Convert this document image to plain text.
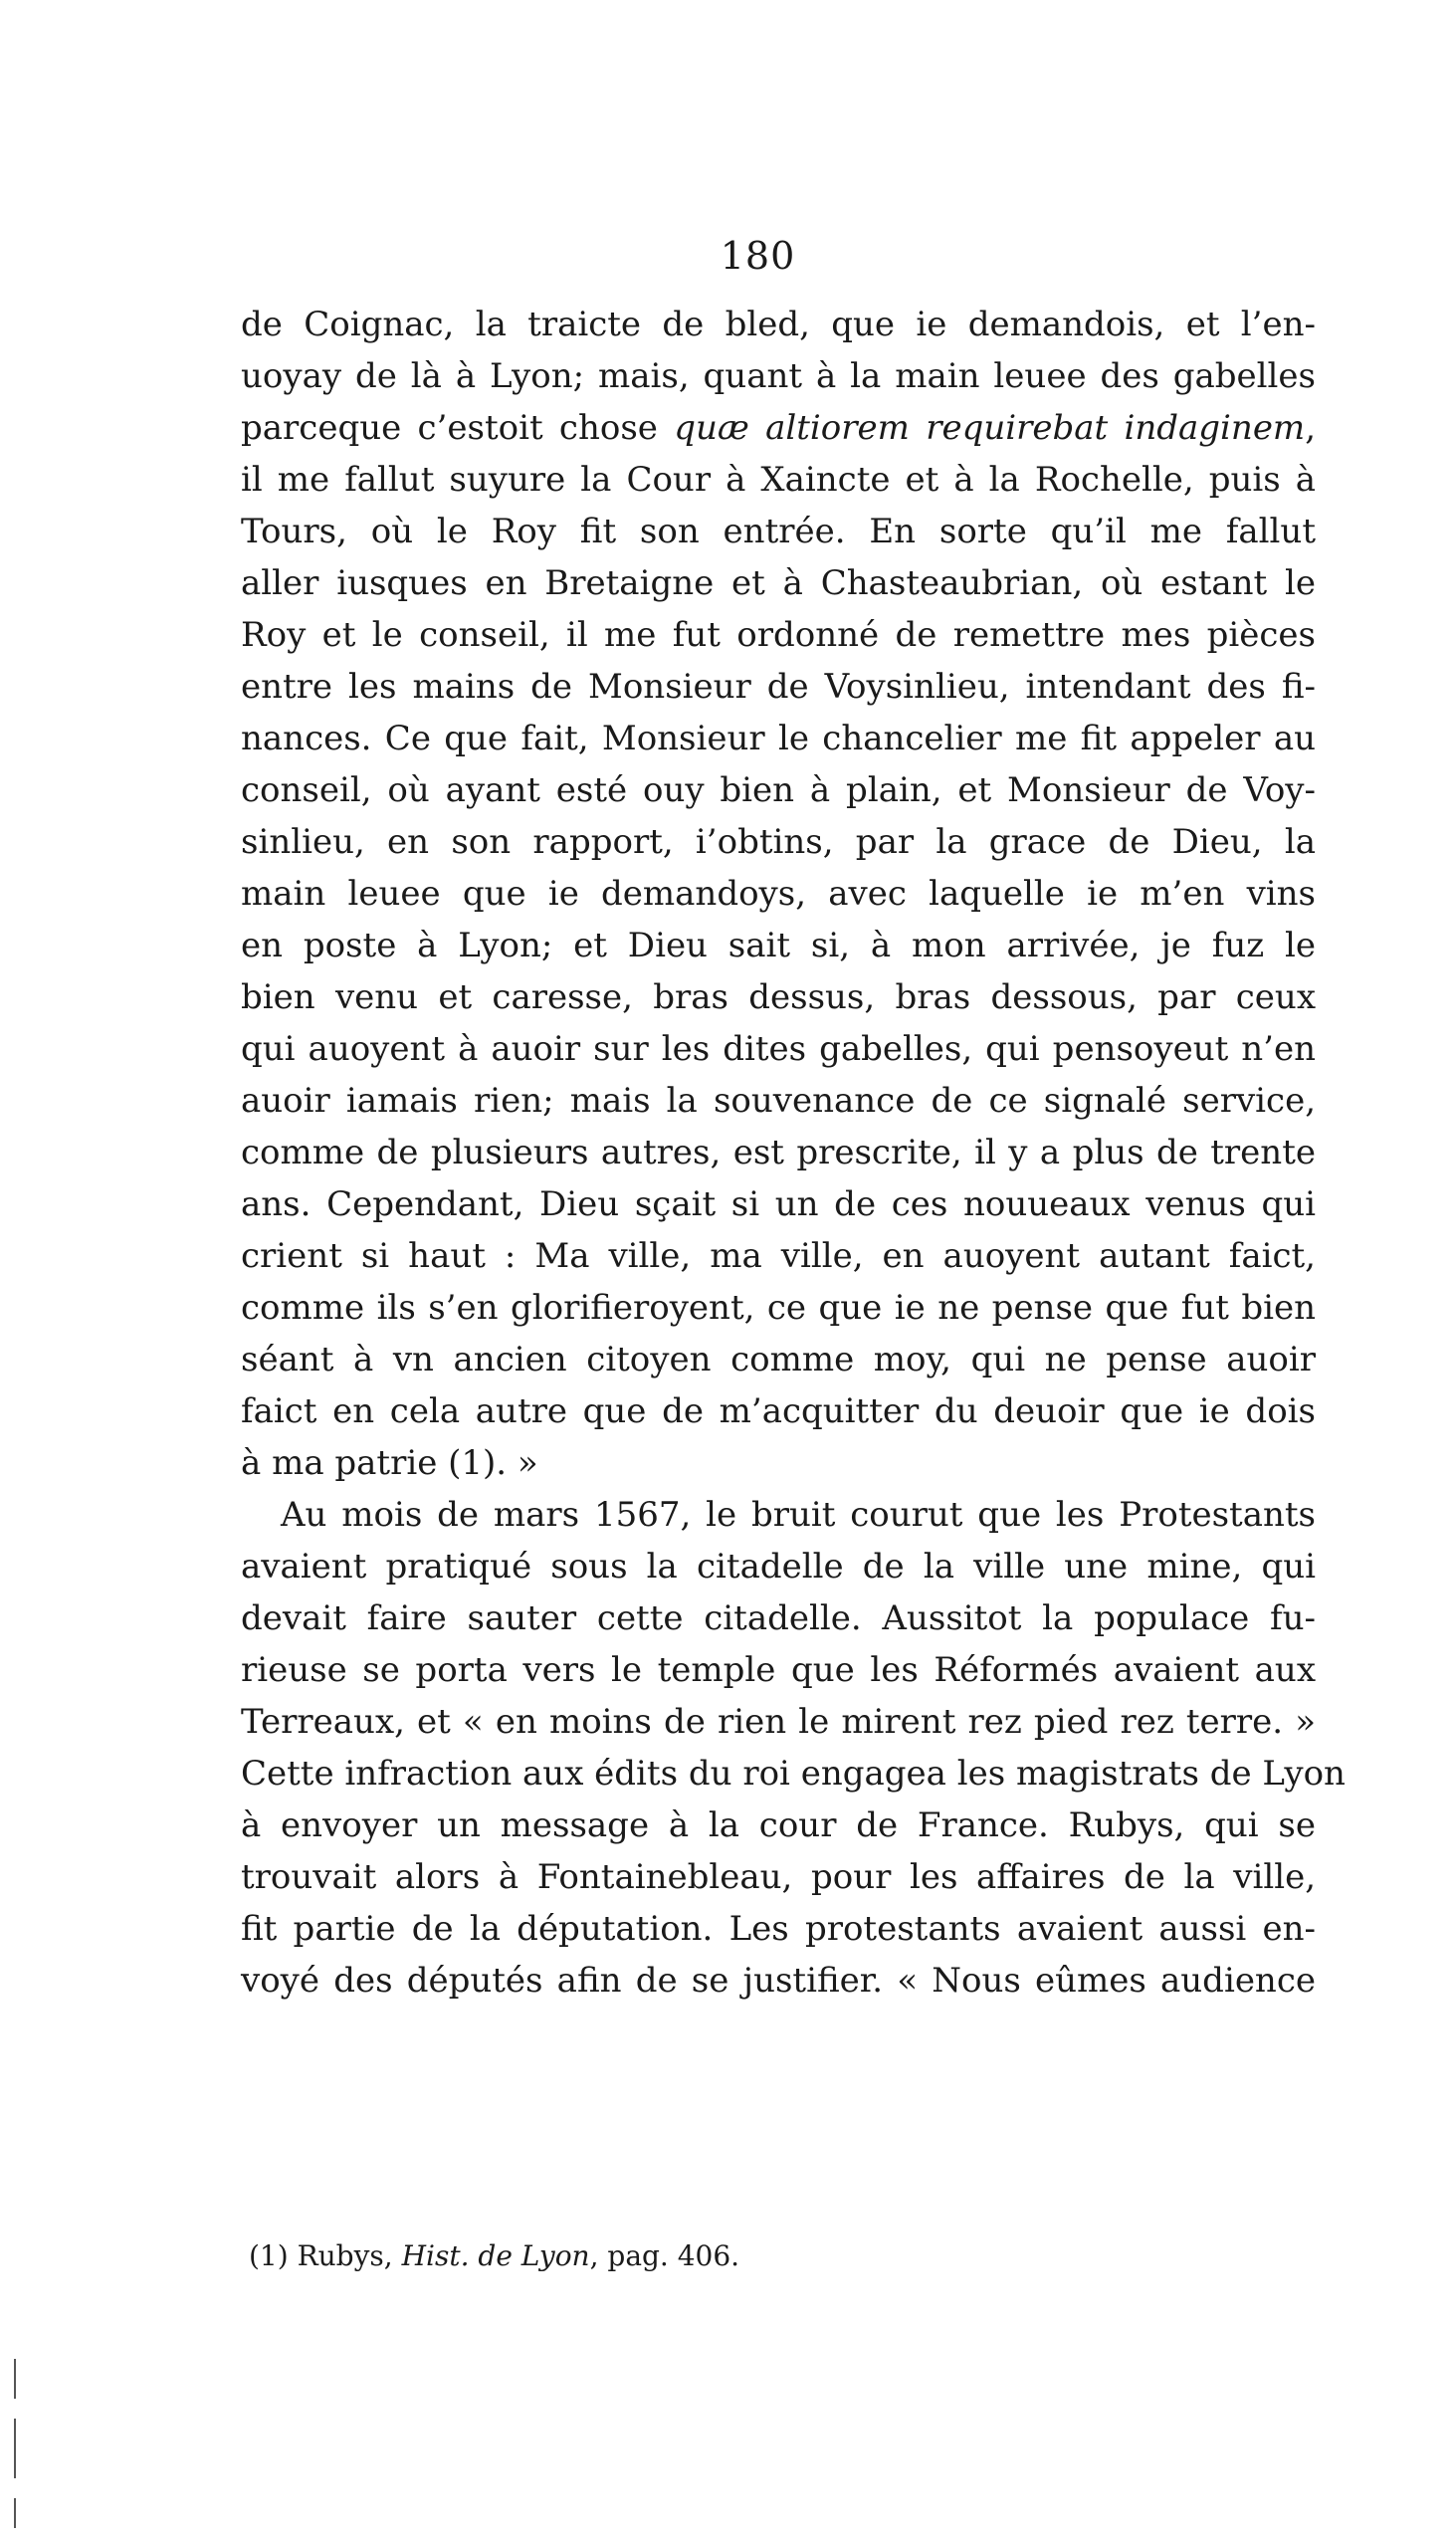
180
de Coignac, la traicte de bled, que ie demandois, et l’en-
uoyay de là à Lyon; mais, quant à la main leuee des gabelles
parceque c’estoit chose quæ altiorem requirebat indaginem,
il me fallut suyure la Cour à Xaincte et à la Rochelle, puis à
Tours, où le Roy fit son entrée. En sorte qu’il me fallut
aller iusques en Bretaigne et à Chasteaubrian, où estant le
Roy et le conseil, il me fut ordonné de remettre mes pièces
entre les mains de Monsieur de Voysinlieu, intendant des fi-
nances. Ce que fait, Monsieur le chancelier me fit appeler au
conseil, où ayant esté ouy bien à plain, et Monsieur de Voy-
sinlieu, en son rapport, i’obtins, par la grace de Dieu, la
main leuee que ie demandoys, avec laquelle ie m’en vins
en poste à Lyon; et Dieu sait si, à mon arrivée, je fuz le
bien venu et caresse, bras dessus, bras dessous, par ceux
qui auoyent à auoir sur les dites gabelles, qui pensoyeut n’en
auoir iamais rien; mais la souvenance de ce signalé service,
comme de plusieurs autres, est prescrite, il y a plus de trente
ans. Cependant, Dieu sçait si un de ces nouueaux venus qui
crient si haut : Ma ville, ma ville, en auoyent autant faict,
comme ils s’en glorifieroyent, ce que ie ne pense que fut bien
séant à vn ancien citoyen comme moy, qui ne pense auoir
faict en cela autre que de m’acquitter du deuoir que ie dois
à ma patrie (1). »
Au mois de mars 1567, le bruit courut que les Protestants
avaient pratiqué sous la citadelle de la ville une mine, qui
devait faire sauter cette citadelle. Aussitot la populace fu-
rieuse se porta vers le temple que les Réformés avaient aux
Terreaux, et « en moins de rien le mirent rez pied rez terre. »
Cette infraction aux édits du roi engagea les magistrats de Lyon
à envoyer un message à la cour de France. Rubys, qui se
trouvait alors à Fontainebleau, pour les affaires de la ville,
fit partie de la députation. Les protestants avaient aussi en-
voyé des députés afin de se justifier. « Nous eûmes audience
(1) Rubys, Hist. de Lyon, pag. 406.
